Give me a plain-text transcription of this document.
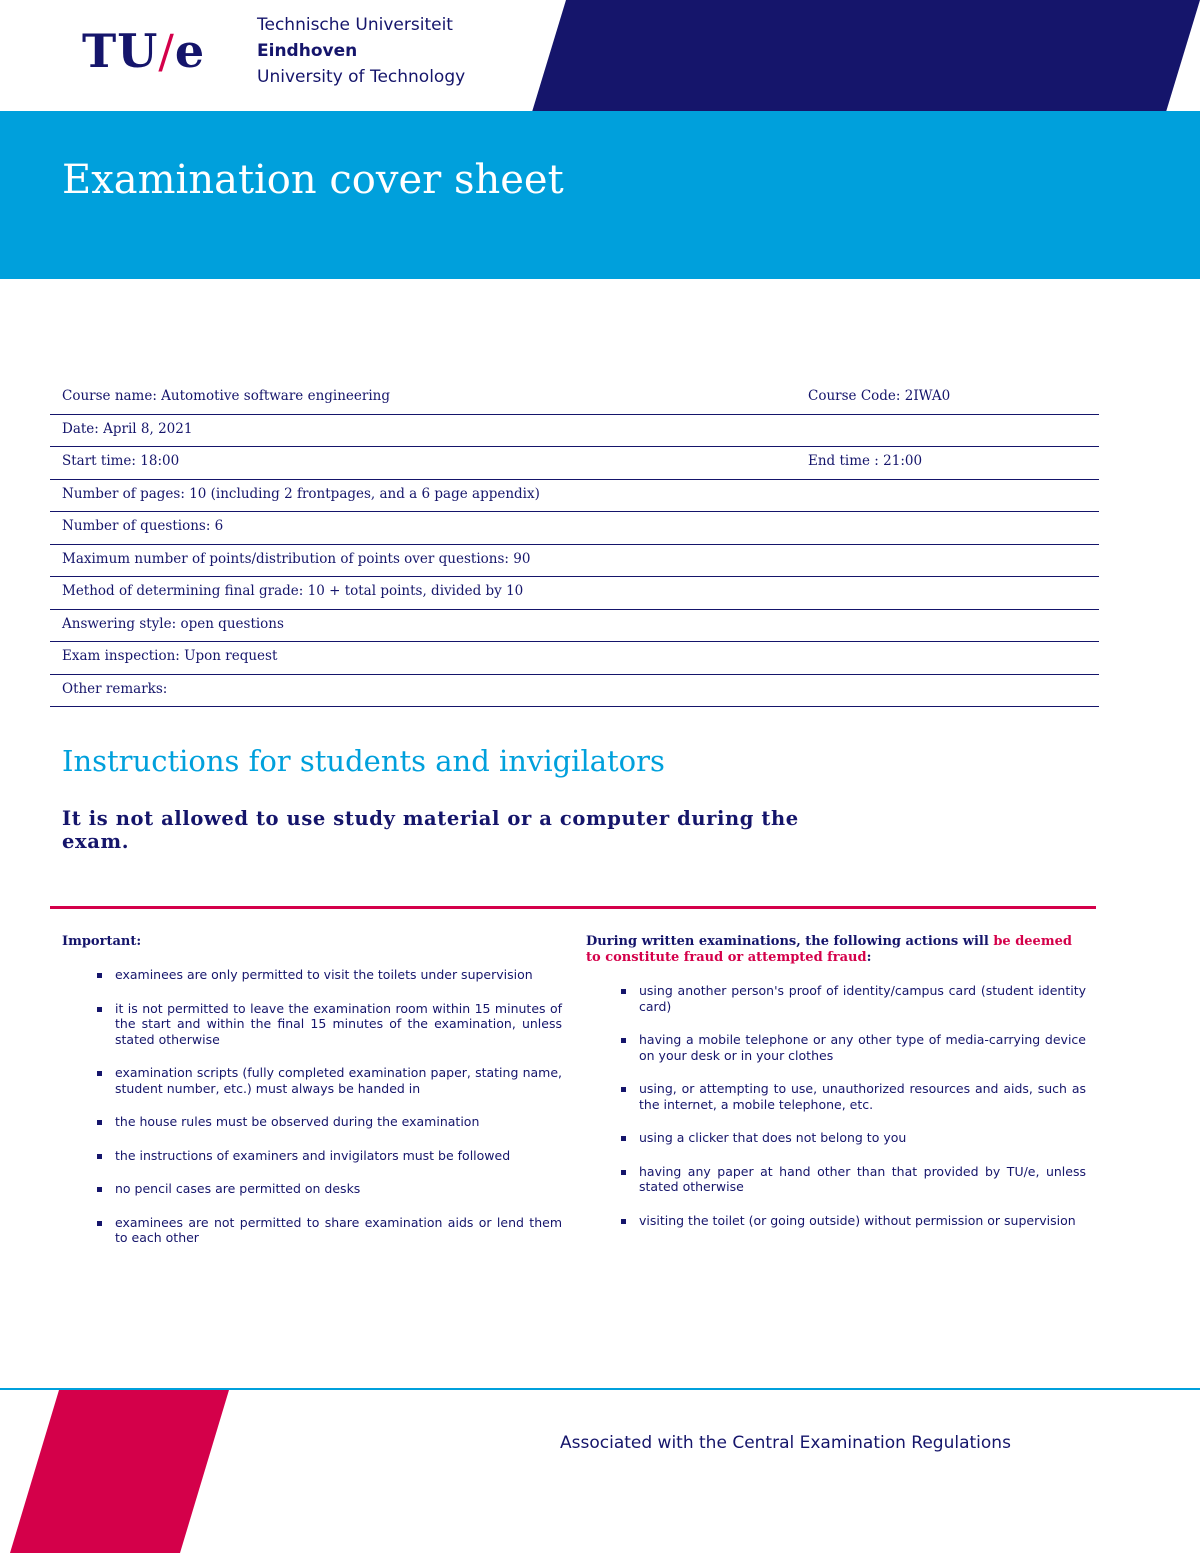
TU/e	Technische Universiteit
Eindhoven
University of Technology
Examination cover sheet
Course name: Automotive software engineering	Course Code: 2IWA0
Date: April 8, 2021
Start time: 18:00	End time : 21:00
Number of pages: 10 (including 2 frontpages, and a 6 page appendix)
Number of questions: 6
Maximum number of points/distribution of points over questions: 90
Method of determining final grade: 10 + total points, divided by 10
Answering style: open questions
Exam inspection: Upon request
Other remarks:
Instructions for students and invigilators
It is not allowed to use study material or a computer during the exam.
Important:
examinees are only permitted to visit the toilets under supervision
it is not permitted to leave the examination room within 15 minutes of the start and within the final 15 minutes of the examination, unless stated otherwise
examination scripts (fully completed examination paper, stating name, student number, etc.) must always be handed in
the house rules must be observed during the examination
the instructions of examiners and invigilators must be followed
no pencil cases are permitted on desks
examinees are not permitted to share examination aids or lend them to each other
During written examinations, the following actions will be deemed to constitute fraud or attempted fraud:
using another person's proof of identity/campus card (student identity card)
having a mobile telephone or any other type of media-carrying device on your desk or in your clothes
using, or attempting to use, unauthorized resources and aids, such as the internet, a mobile telephone, etc.
using a clicker that does not belong to you
having any paper at hand other than that provided by TU/e, unless stated otherwise
visiting the toilet (or going outside) without permission or supervision
Associated with the Central Examination Regulations
